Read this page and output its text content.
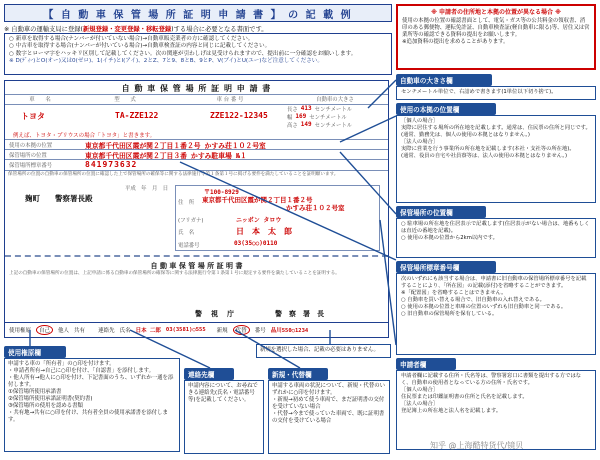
【 自 動 車 保 管 場 所 証 明 申 請 書 】 の 記 載 例
※ 自動車の運輸支局に登録(新規登録・変更登録・移転登録)する場合に必要となる書面です。
○ 新車を取得する場合(ナンバーが付いていない場合)→自動車販売業者の方に確認してください。
○ 中古車を取得する場合(ナンバーが付いている場合)→自動車検査証の内容と同じに記載してください。
○ 数字とローマ字をハッキリ区別して記載してください。次の関連が引わしげは見受けられますので、提出前に一分確認をお願いします。
※ D(ﾃﾞｨｰ)とO(オー)又は0(ゼロ)、1(イチ)とI(アイ)、2とZ、7と9、8とB、9とP、V(ブイ)とU(ユー)など注意してください。
※ 申請者の住所地と本拠の位置が異なる場合 ※
使用の本拠の位置の確認書面として、電気・ガス等の公共料金の領収書、消印のある郵便物、運転免許証、自動車検査証(軽自動車に限る)等、居住又は営業所等の確認できる資料の提出をお願いします。
※追加資料の提出を求めることがあります。
自動車の大きさ欄
センチメートル単位で、右詰めで書きます(1単位以下切り捨て)。
使用の本拠の位置欄
［個人の場合］
実際に居住する場所の所在地を記載します。通常は、住民票の住所と同じです。
(通常、勤務先は、個人の使用の本拠とはなりません。)
［法人の場合］
実際に営業を行う事業所の所在地を記載します(本社・支社等の所在地)。
(通常、役員の自宅や社員寮等は、法人の使用の本拠とはなりません。)
保管場所の位置欄
○ 駐車場の所在地を住居表示で記載します(住居表示がない場合は、地番もしくは直近の番地を記載)。
○ 使用の本拠の位置から2km以内です。
保管場所標章番号欄
次のいずれにも該当する場合は、申請書に旧自動車の保管場所標章番号を記載することにより、「所在図」の記載(添付)を省略することができます。
※「配置図」を省略することはできません。
○ 自動車を買い替える場合で、旧自動車の入れ替えである。
○ 使用の本拠の位置と車庫の位置のいずれも旧自動車と同一である。
○ 旧自動車の保管場所を保有している。
申請者欄
申請者欄に記載する住所・氏名等は、警察署窓口に書類を提出する方ではなく、自動車の使用者となっている方の住所・氏名です。
［個人の場合］
住民票または印鑑証明書の住所と氏名を記載します。
［法人の場合］
登記簿上の所在地と法人名を記載します。
自 動 車 保 管 場 所 証 明 申 請 書
車　　名	型　　式	車 台 番 号	自動車の大きさ
トヨタ	TA-ZZE122	ZZE122-12345
長さ 413 センチメートル
幅 169 センチメートル
高さ 149 センチメートル
例えば、トヨタ・プリウスの場合「トヨタ」と書きます。
使用の本拠の位置	東京都千代田区霞が関２丁目１番２号 かすみ荘１０２号室
保管場所の位置	東京都千代田区霞が関２丁目３番 かすみ駐車場 №１
保管場所標章番号	841973632
保管場所の位置の自動車の保管場所の位置に確認した上で保管場所の確保等に関する法律施行令第１条第１号に掲げる要件を満たしていることを証明願います。
平成　年　月　日
麹町　　警察署長殿
〒100-8929
住　所 東京都千代田区霞が関２丁目１番２号
かすみ荘１０２号室
(フリガナ)	ニッポン タロウ
氏　名	日　本　太　郎
電話番号	03(35○○)0110
自 動 車 保 管 場 所 証 明 書
上記の自動車の保管場所の位置は、上記申請に係る自動車の保管場所の確保等に関する法律施行令第１条第１号に規定する要件を満たしていることを証明する。
警　視　庁	警　察　署　長
使用権原	自己	他人 共有 連絡先 氏名 日本 二郎 03(3581)○555 新規	代替	番号 品川550○1234
使用権原欄
申請する車の「所有者」の○印を付けます。
・申請者所有→自己に○印を付け、「自認書」を添付します。
・他人所有→他人に○印を付け、下記書面のうち、いずれか一通を添付します。
①保管場所使用承諾書
②保管場所使用承諾証明書(契約書)
③保管場所の使用を認める書類
・共有地→共有に○印を付け、共有者全員の使用承諾書を添付します。
連絡先欄
申請内容について、お尋ねできる連絡先(氏名・電話番号等)を記載してください。
新規・代替欄
申請する車両の状況について、新規・代替のいずれかに○印を付けます。
・新規→初めて使う車両で、まだ証明書の交付を受けていない場合
・代替→今まで使っていた車両で、既に証明書の交付を受けている場合
新規を選択した場合、記載の必要はありません。
知乎 @上海酷特货代/镜贝
